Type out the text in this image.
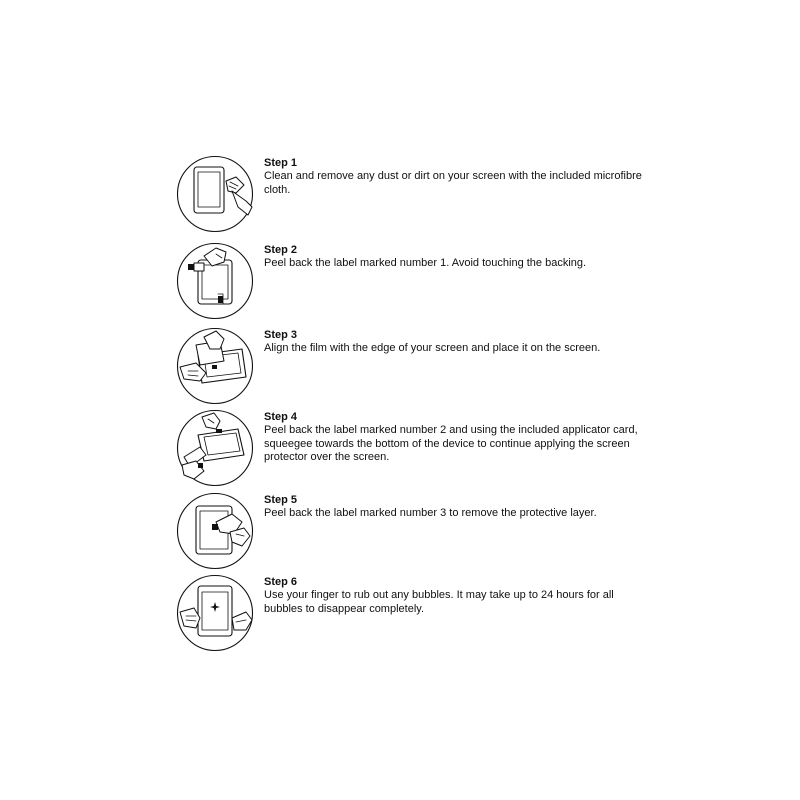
Step 1

Clean and remove any dust or dirt on your screen with the included microfibre cloth.

Step 2

Peel back the label marked number 1. Avoid touching the backing.

Step 3

Align the film with the edge of your screen and place it on the screen.

Step 4

Peel back the label marked number 2 and using the included applicator card, squeegee towards the bottom of the device to continue applying the screen protector over the screen.

Step 5

Peel back the label marked number 3 to remove the protective layer.

Step 6

Use your finger to rub out any bubbles. It may take up to 24 hours for all bubbles to disappear completely.
